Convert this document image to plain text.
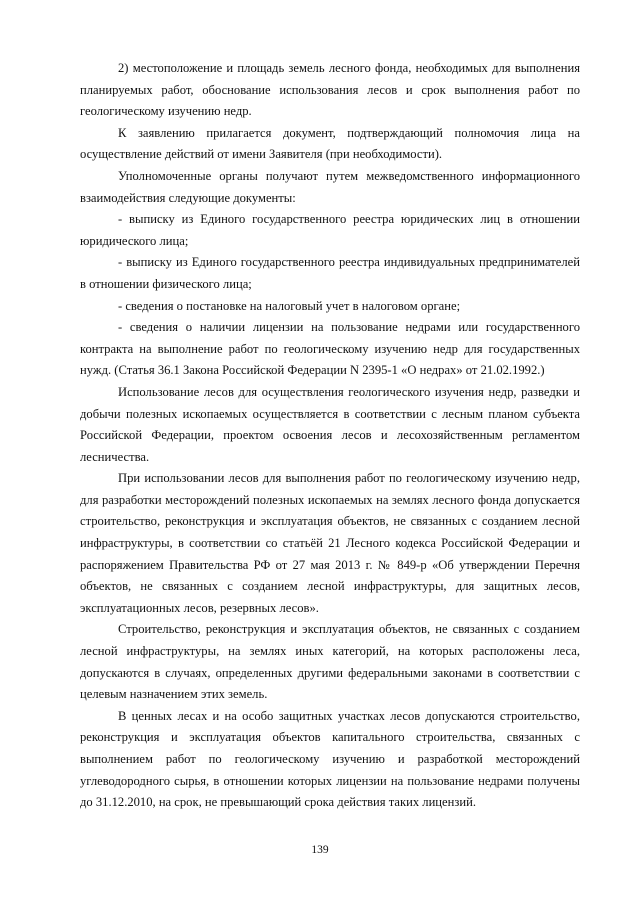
2) местоположение и площадь земель лесного фонда, необходимых для выполнения планируемых работ, обоснование использования лесов и срок выполнения работ по геологическому изучению недр.

К заявлению прилагается документ, подтверждающий полномочия лица на осуществление действий от имени Заявителя (при необходимости).

Уполномоченные органы получают путем межведомственного информационного взаимодействия следующие документы:

- выписку из Единого государственного реестра юридических лиц в отношении юридического лица;

- выписку из Единого государственного реестра индивидуальных предпринимателей в отношении физического лица;

- сведения о постановке на налоговый учет в налоговом органе;

- сведения о наличии лицензии на пользование недрами или государственного контракта на выполнение работ по геологическому изучению недр для государственных нужд. (Статья 36.1 Закона Российской Федерации N 2395-1 «О недрах» от 21.02.1992.)

Использование лесов для осуществления геологического изучения недр, разведки и добычи полезных ископаемых осуществляется в соответствии с лесным планом субъекта Российской Федерации, проектом освоения лесов и лесохозяйственным регламентом лесничества.

При использовании лесов для выполнения работ по геологическому изучению недр, для разработки месторождений полезных ископаемых на землях лесного фонда допускается строительство, реконструкция и эксплуатация объектов, не связанных с созданием лесной инфраструктуры, в соответствии со статьёй 21 Лесного кодекса Российской Федерации и распоряжением Правительства РФ от 27 мая 2013 г. № 849-р «Об утверждении Перечня объектов, не связанных с созданием лесной инфраструктуры, для защитных лесов, эксплуатационных лесов, резервных лесов».

Строительство, реконструкция и эксплуатация объектов, не связанных с созданием лесной инфраструктуры, на землях иных категорий, на которых расположены леса, допускаются в случаях, определенных другими федеральными законами в соответствии с целевым назначением этих земель.

В ценных лесах и на особо защитных участках лесов допускаются строительство, реконструкция и эксплуатация объектов капитального строительства, связанных с выполнением работ по геологическому изучению и разработкой месторождений углеводородного сырья, в отношении которых лицензии на пользование недрами получены до 31.12.2010, на срок, не превышающий срока действия таких лицензий.

139
